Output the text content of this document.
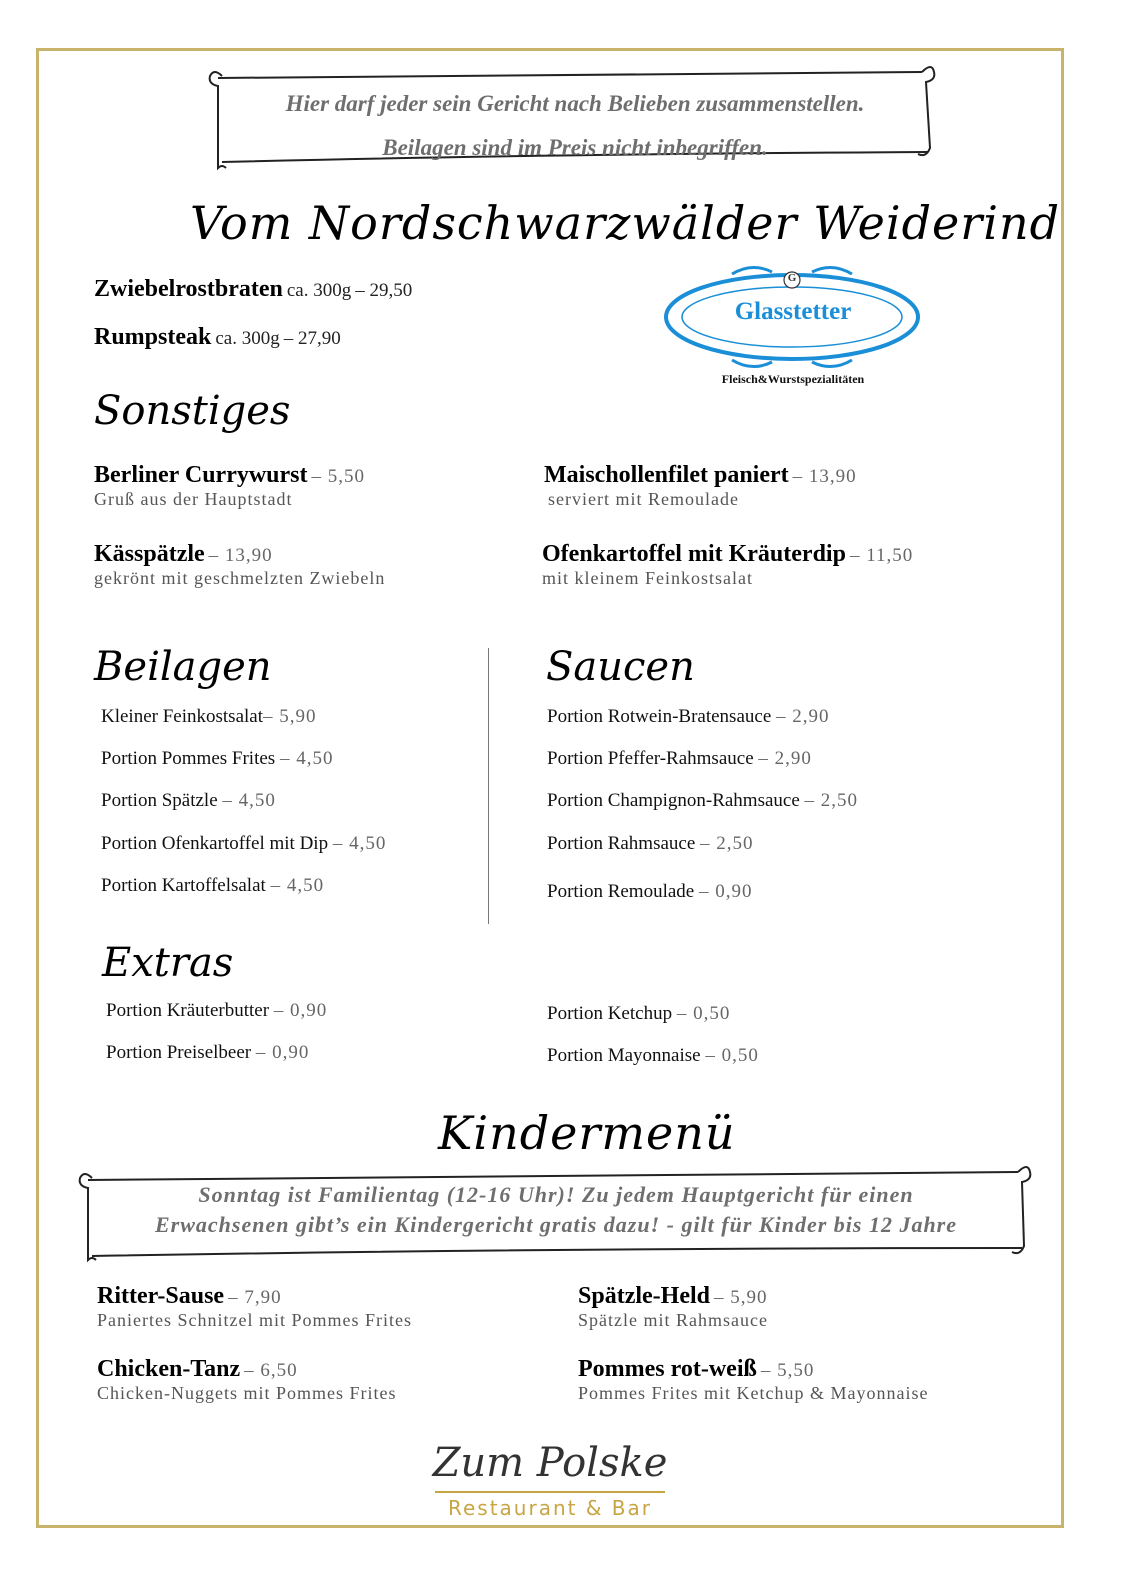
Hier darf jeder sein Gericht nach Belieben zusammenstellen.
Beilagen sind im Preis nicht inbegriffen.
Vom Nordschwarzwälder Weiderind
Zwiebelrostbraten ca. 300g – 29,50
Rumpsteak ca. 300g – 27,90
G
Glasstetter
Fleisch&Wurstspezialitäten
Sonstiges
Berliner Currywurst – 5,50
Gruß aus der Hauptstadt
Maischollenfilet paniert – 13,90
serviert mit Remoulade
Kässpätzle – 13,90
gekrönt mit geschmelzten Zwiebeln
Ofenkartoffel mit Kräuterdip – 11,50
mit kleinem Feinkostsalat
Beilagen
Kleiner Feinkostsalat– 5,90
Portion Pommes Frites – 4,50
Portion Spätzle – 4,50
Portion Ofenkartoffel mit Dip – 4,50
Portion Kartoffelsalat – 4,50
Saucen
Portion Rotwein-Bratensauce – 2,90
Portion Pfeffer-Rahmsauce – 2,90
Portion Champignon-Rahmsauce – 2,50
Portion Rahmsauce – 2,50
Portion Remoulade – 0,90
Extras
Portion Kräuterbutter – 0,90
Portion Preiselbeer – 0,90
Portion Ketchup – 0,50
Portion Mayonnaise – 0,50
Kindermenü
Sonntag ist Familientag (12-16 Uhr)! Zu jedem Hauptgericht für einen
Erwachsenen gibt’s ein Kindergericht gratis dazu! - gilt für Kinder bis 12 Jahre
Ritter-Sause – 7,90
Paniertes Schnitzel mit Pommes Frites
Spätzle-Held – 5,90
Spätzle mit Rahmsauce
Chicken-Tanz – 6,50
Chicken-Nuggets mit Pommes Frites
Pommes rot-weiß – 5,50
Pommes Frites mit Ketchup & Mayonnaise
Zum Polske
Restaurant & Bar
